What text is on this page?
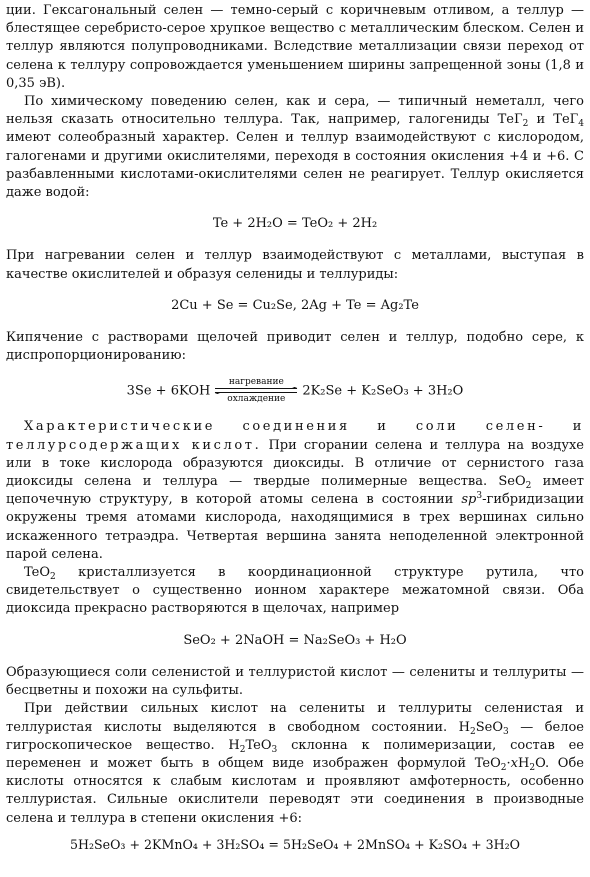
ции. Гексагональный селен — темно-серый с коричневым отливом, а теллур — блестящее серебристо-серое хрупкое вещество с металлическим блеском. Селен и теллур являются полупроводниками. Вследствие металлизации связи переход от селена к теллуру сопровождается уменьшением ширины запрещенной зоны (1,8 и 0,35 эВ).

По химическому поведению селен, как и сера, — типичный неметалл, чего нельзя сказать относительно теллура. Так, например, галогениды ТеГ$_2$ и ТеГ$_4$ имеют солеобразный характер. Селен и теллур взаимодействуют с кислородом, галогенами и другими окислителями, переходя в состояния окисления +4 и +6. С разбавленными кислотами-окислителями селен не реагирует. Теллур окисляется даже водой:

Te + 2H₂O = TeO₂ + 2H₂

При нагревании селен и теллур взаимодействуют с металлами, выступая в качестве окислителей и образуя селениды и теллуриды:

2Cu + Se = Cu₂Se, 2Ag + Te = Ag₂Te

Кипячение с растворами щелочей приводит селен и теллур, подобно сере, к диспропорционированию:

3Se + 6KOH
нагревание
охлаждение
2K₂Se + K₂SeO₃ + 3H₂O

Характеристические соединения и соли селен- и теллурсодержащих кислот. При сгорании селена и теллура на воздухе или в токе кислорода образуются диоксиды. В отличие от сернистого газа диоксиды селена и теллура — твердые полимерные вещества. SeO$_2$ имеет цепочечную структуру, в которой атомы селена в состоянии $sp^3$-гибридизации окружены тремя атомами кислорода, находящимися в трех вершинах сильно искаженного тетраэдра. Четвертая вершина занята неподеленной электронной парой селена.

TeO$_2$ кристаллизуется в координационной структуре рутила, что свидетельствует о существенно ионном характере межатомной связи. Оба диоксида прекрасно растворяются в щелочах, например

SeO₂ + 2NaOH = Na₂SeO₃ + H₂O

Образующиеся соли селенистой и теллуристой кислот — селениты и теллуриты — бесцветны и похожи на сульфиты.

При действии сильных кислот на селениты и теллуриты селенистая и теллуристая кислоты выделяются в свободном состоянии. $H_2SeO_3$ — белое гигроскопическое вещество. $H_2TeO_3$ склонна к полимеризации, состав ее переменен и может быть в общем виде изображен формулой $TeO_2\cdot xH_2O$. Обе кислоты относятся к слабым кислотам и проявляют амфотерность, особенно теллуристая. Сильные окислители переводят эти соединения в производные селена и теллура в степени окисления +6:

5H₂SeO₃ + 2KMnO₄ + 3H₂SO₄ = 5H₂SeO₄ + 2MnSO₄ + K₂SO₄ + 3H₂O
